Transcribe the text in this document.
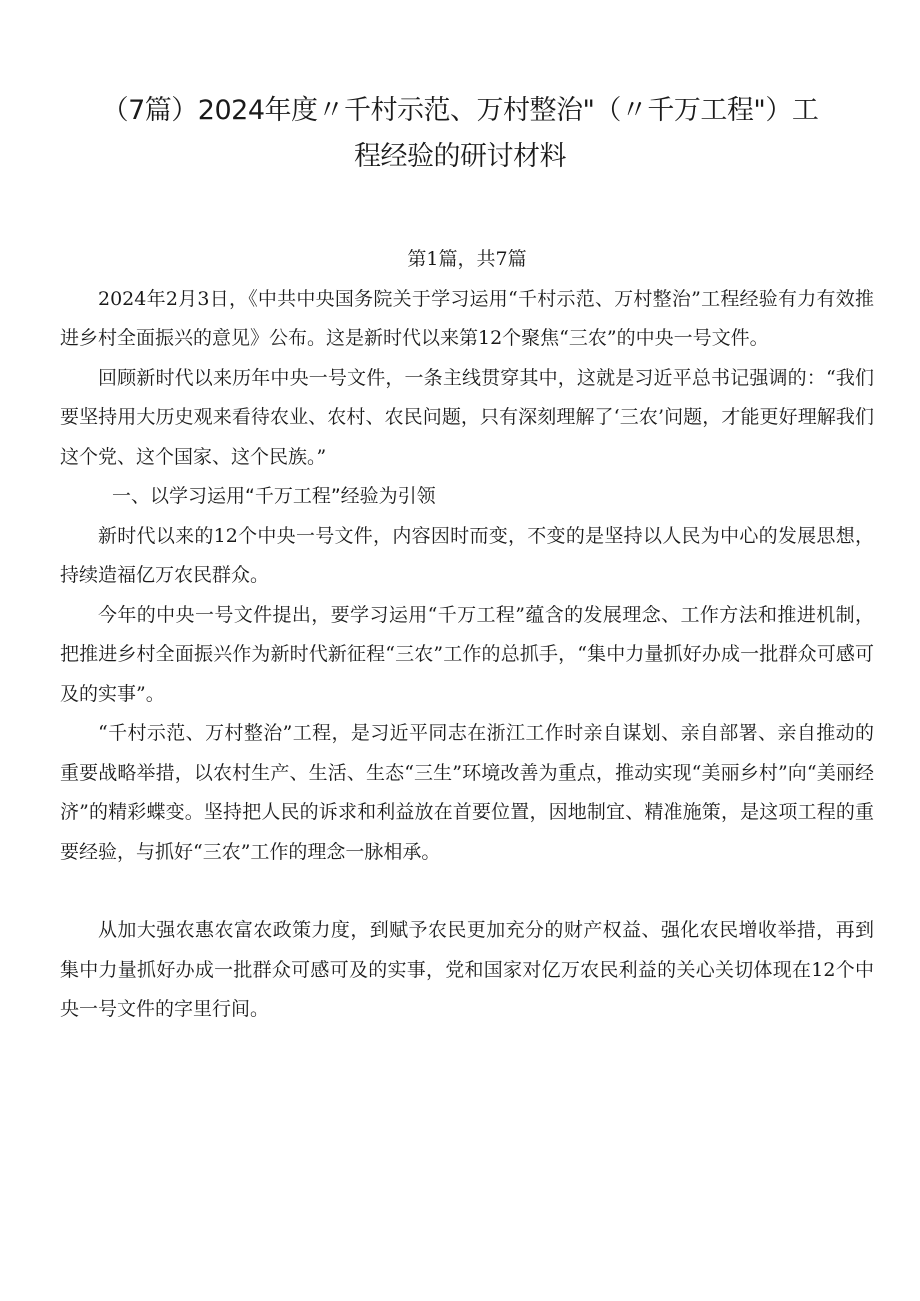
（7篇）2024年度〃千村示范、万村整治"（〃千万工程"）工程经验的研讨材料
第1篇，共7篇

2024年2月3日，《中共中央国务院关于学习运用“千村示范、万村整治”工程经验有力有效推进乡村全面振兴的意见》公布。这是新时代以来第12个聚焦“三农”的中央一号文件。

回顾新时代以来历年中央一号文件，一条主线贯穿其中，这就是习近平总书记强调的：“我们要坚持用大历史观来看待农业、农村、农民问题，只有深刻理解了‘三农’问题，才能更好理解我们这个党、这个国家、这个民族。”

一、以学习运用“千万工程”经验为引领

新时代以来的12个中央一号文件，内容因时而变，不变的是坚持以人民为中心的发展思想，持续造福亿万农民群众。

今年的中央一号文件提出，要学习运用“千万工程”蕴含的发展理念、工作方法和推进机制，把推进乡村全面振兴作为新时代新征程“三农”工作的总抓手，“集中力量抓好办成一批群众可感可及的实事”。

“千村示范、万村整治”工程，是习近平同志在浙江工作时亲自谋划、亲自部署、亲自推动的重要战略举措，以农村生产、生活、生态“三生”环境改善为重点，推动实现“美丽乡村”向“美丽经济”的精彩蝶变。坚持把人民的诉求和利益放在首要位置，因地制宜、精准施策，是这项工程的重要经验，与抓好“三农”工作的理念一脉相承。

从加大强农惠农富农政策力度，到赋予农民更加充分的财产权益、强化农民增收举措，再到集中力量抓好办成一批群众可感可及的实事，党和国家对亿万农民利益的关心关切体现在12个中央一号文件的字里行间。
